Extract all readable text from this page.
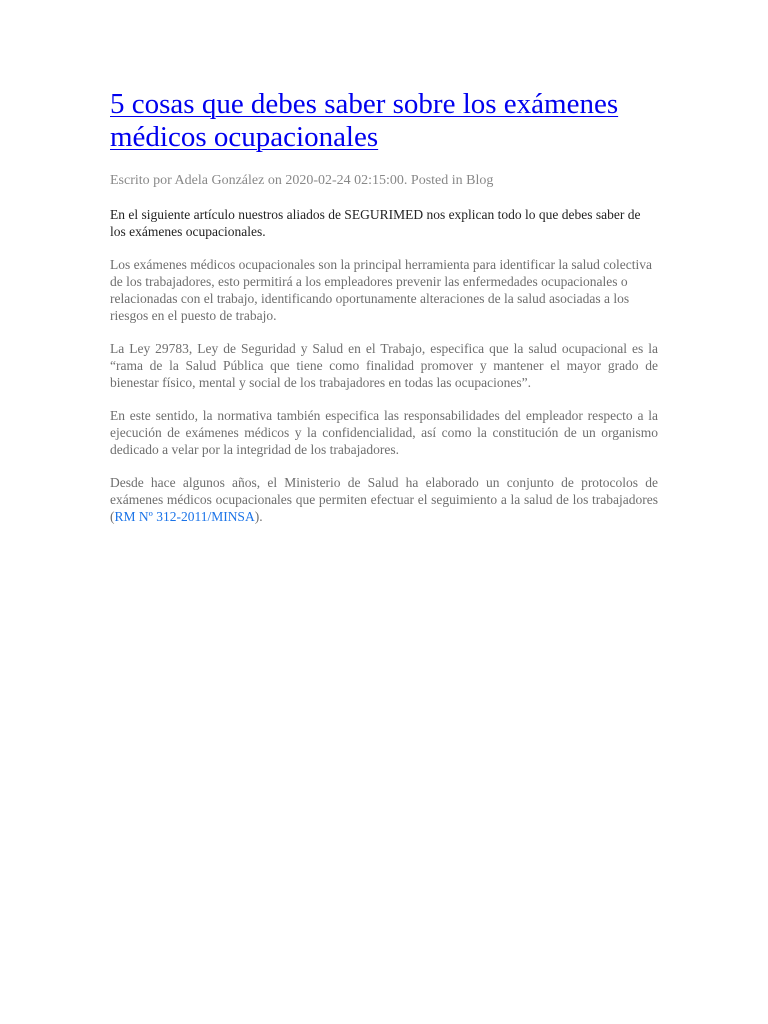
5 cosas que debes saber sobre los exámenes médicos ocupacionales
Escrito por Adela González on 2020-02-24 02:15:00. Posted in Blog

En el siguiente artículo nuestros aliados de SEGURIMED nos explican todo lo que debes saber de los exámenes ocupacionales.

Los exámenes médicos ocupacionales son la principal herramienta para identificar la salud colectiva de los trabajadores, esto permitirá a los empleadores prevenir las enfermedades ocupacionales o relacionadas con el trabajo, identificando oportunamente alteraciones de la salud asociadas a los riesgos en el puesto de trabajo.

La Ley 29783, Ley de Seguridad y Salud en el Trabajo, especifica que la salud ocupacional es la “rama de la Salud Pública que tiene como finalidad promover y mantener el mayor grado de bienestar físico, mental y social de los trabajadores en todas las ocupaciones”.

En este sentido, la normativa también especifica las responsabilidades del empleador respecto a la ejecución de exámenes médicos y la confidencialidad, así como la constitución de un organismo dedicado a velar por la integridad de los trabajadores.

Desde hace algunos años, el Ministerio de Salud ha elaborado un conjunto de protocolos de exámenes médicos ocupacionales que permiten efectuar el seguimiento a la salud de los trabajadores (RM Nº 312-2011/MINSA).
